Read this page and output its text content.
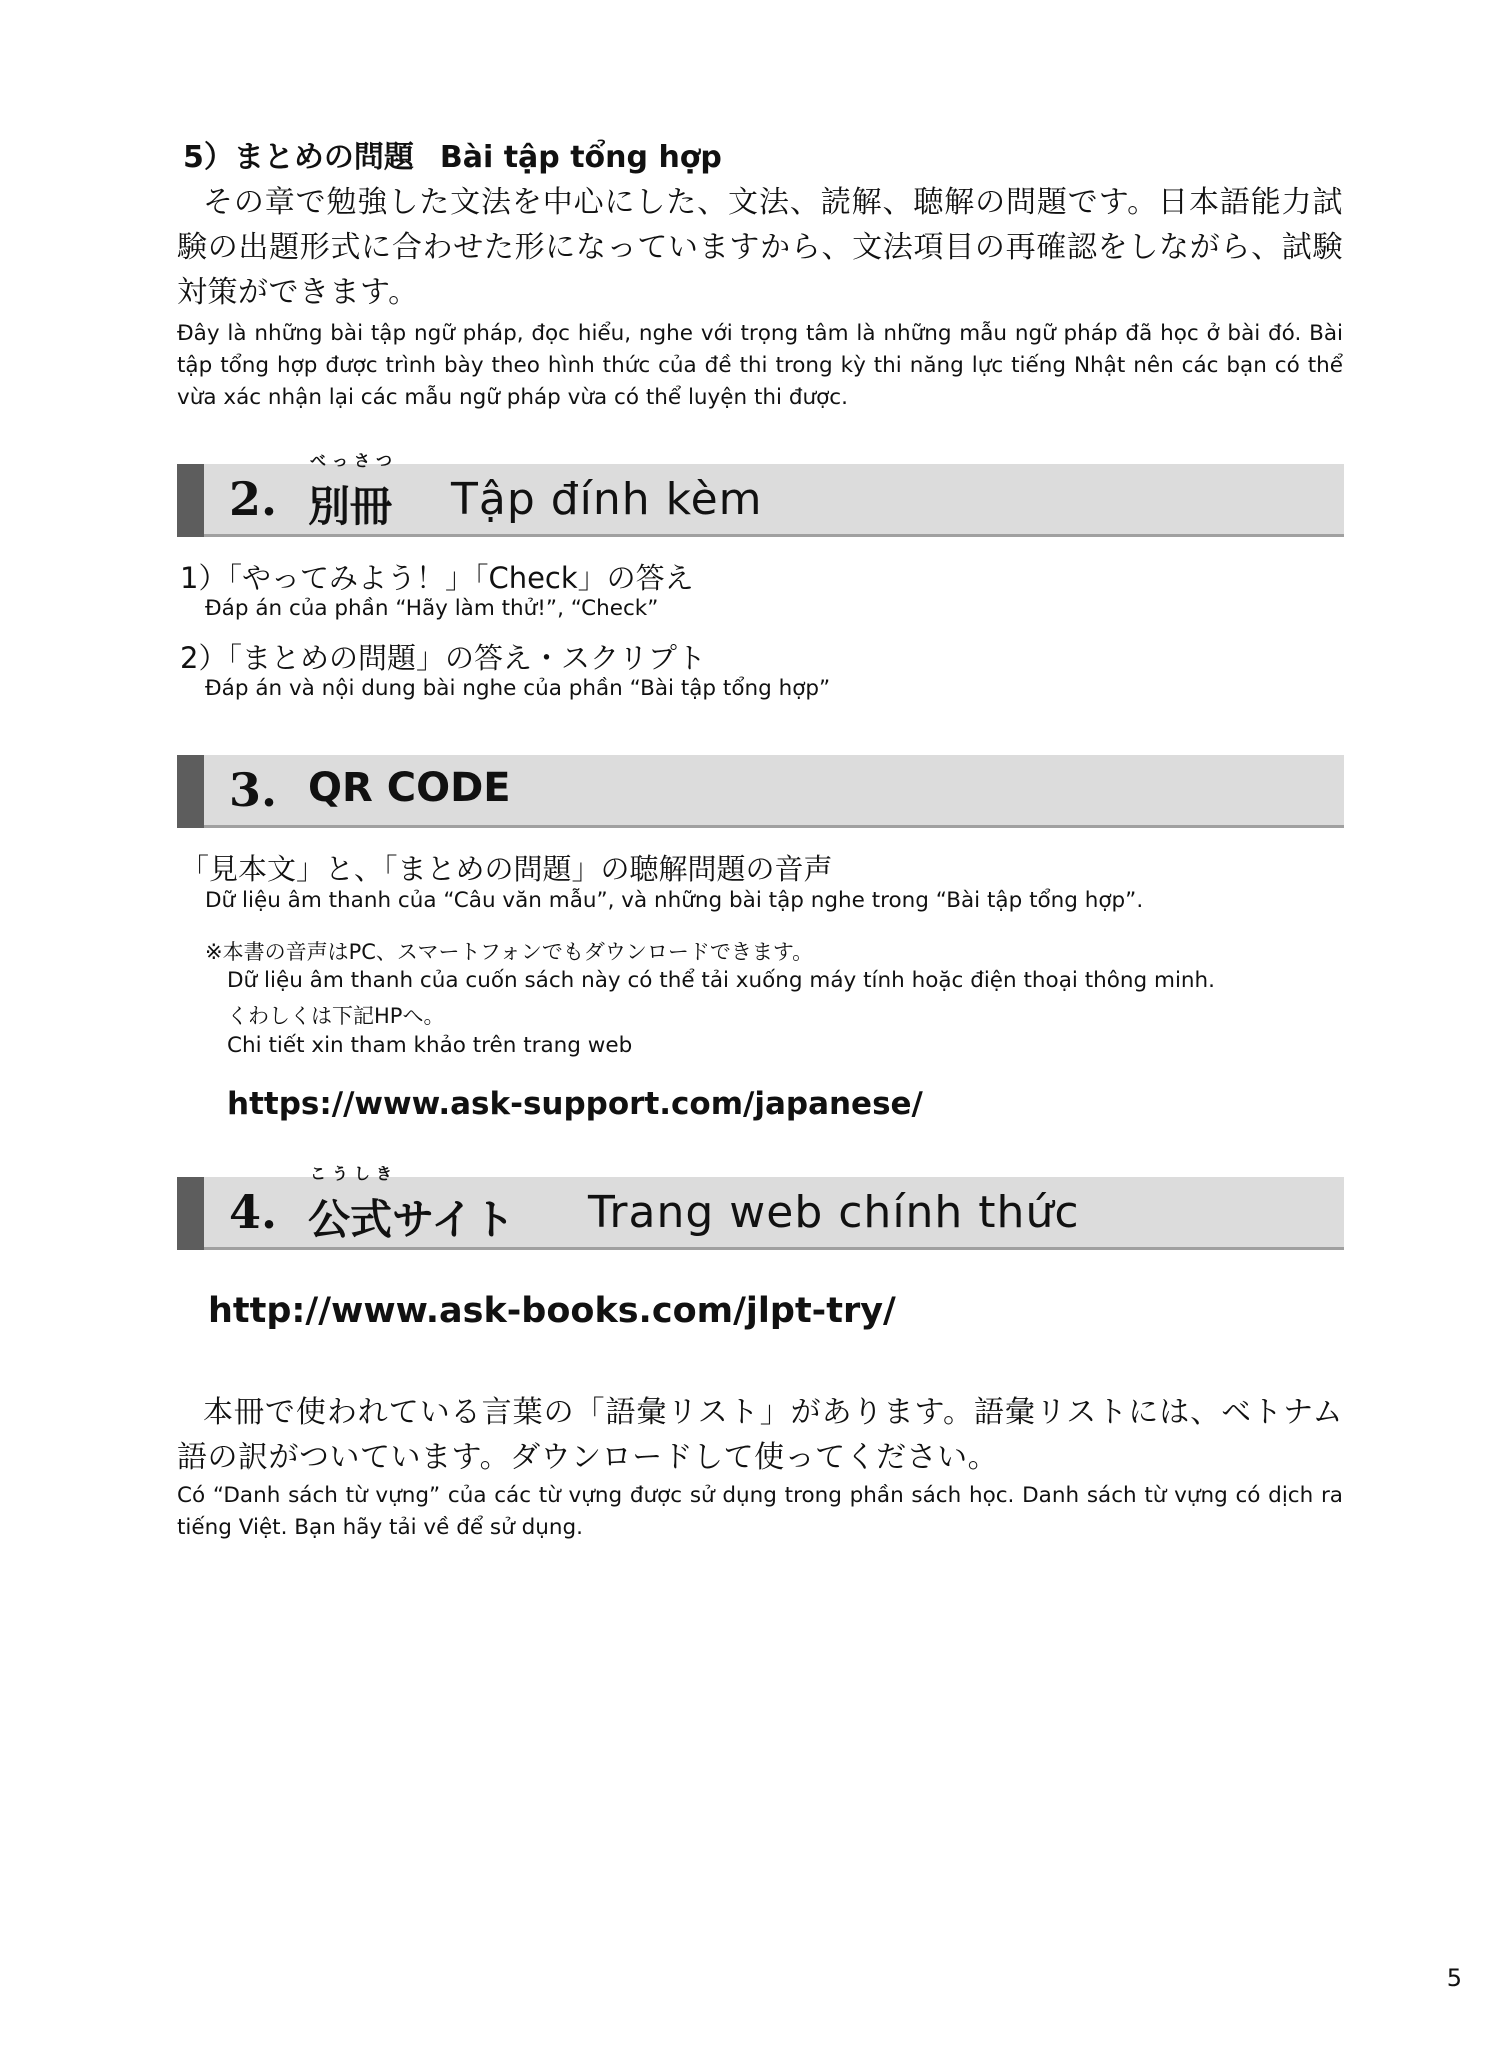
5）まとめの問題 Bài tập tổng hợp
その章で勉強した文法を中心にした、文法、読解、聴解の問題です。日本語能力試験の出題形式に合わせた形になっていますから、文法項目の再確認をしながら、試験対策ができます。
Đây là những bài tập ngữ pháp, đọc hiểu, nghe với trọng tâm là những mẫu ngữ pháp đã học ở bài đó. Bài tập tổng hợp được trình bày theo hình thức của đề thi trong kỳ thi năng lực tiếng Nhật nên các bạn có thể vừa xác nhận lại các mẫu ngữ pháp vừa có thể luyện thi được.
2.
べっさつ
別冊 Tập đính kèm
1）「やってみよう！」「Check」の答え
Đáp án của phần “Hãy làm thử!”, “Check”
2）「まとめの問題」の答え・スクリプト
Đáp án và nội dung bài nghe của phần “Bài tập tổng hợp”
3. QR CODE
「見本文」と、「まとめの問題」の聴解問題の音声
Dữ liệu âm thanh của “Câu văn mẫu”, và những bài tập nghe trong “Bài tập tổng hợp”.
※本書の音声はPC、スマートフォンでもダウンロードできます。
Dữ liệu âm thanh của cuốn sách này có thể tải xuống máy tính hoặc điện thoại thông minh.
くわしくは下記HPへ。
Chi tiết xin tham khảo trên trang web
https://www.ask-support.com/japanese/
4.
こうしき
公式サイト Trang web chính thức
http://www.ask-books.com/jlpt-try/
本冊で使われている言葉の「語彙リスト」があります。語彙リストには、ベトナム語の訳がついています。ダウンロードして使ってください。
Có “Danh sách từ vựng” của các từ vựng được sử dụng trong phần sách học. Danh sách từ vựng có dịch ra tiếng Việt. Bạn hãy tải về để sử dụng.
5
